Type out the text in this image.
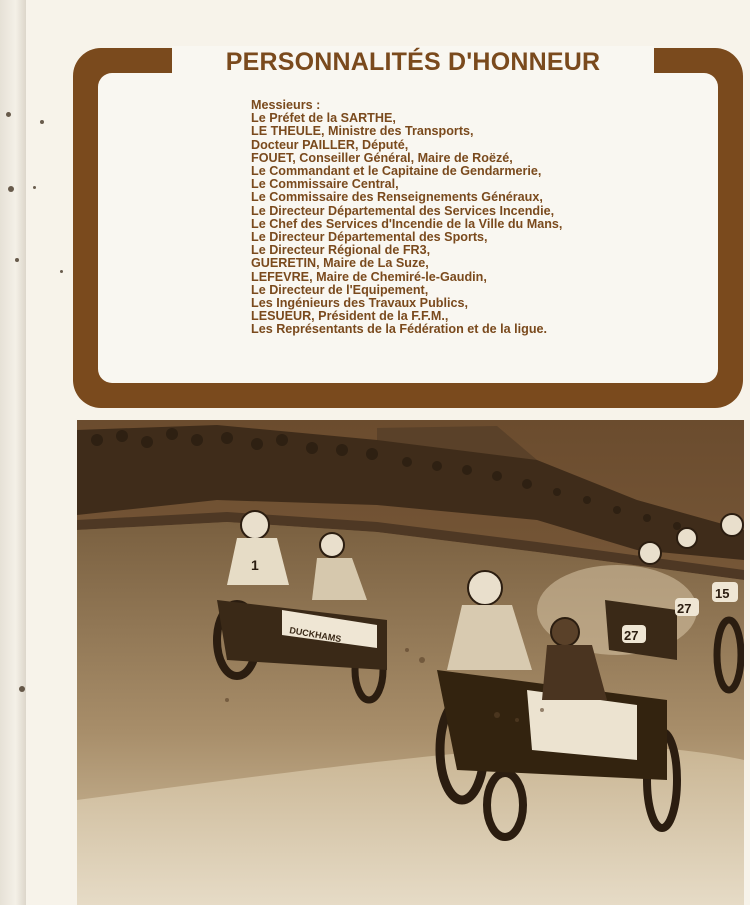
PERSONNALITÉS D'HONNEUR
Messieurs :
Le Préfet de la SARTHE,
LE THEULE, Ministre des Transports,
Docteur PAILLER, Député,
FOUET, Conseiller Général, Maire de Roëzé,
Le Commandant et le Capitaine de Gendarmerie,
Le Commissaire Central,
Le Commissaire des Renseignements Généraux,
Le Directeur Départemental des Services Incendie,
Le Chef des Services d'Incendie de la Ville du Mans,
Le Directeur Départemental des Sports,
Le Directeur Régional de FR3,
GUERETIN, Maire de La Suze,
LEFEVRE, Maire de Chemiré-le-Gaudin,
Le Directeur de l'Equipement,
Les Ingénieurs des Travaux Publics,
LESUEUR, Président de la F.F.M.,
Les Représentants de la Fédération et de la ligue.
DUCKHAMS
1
27
27
15
